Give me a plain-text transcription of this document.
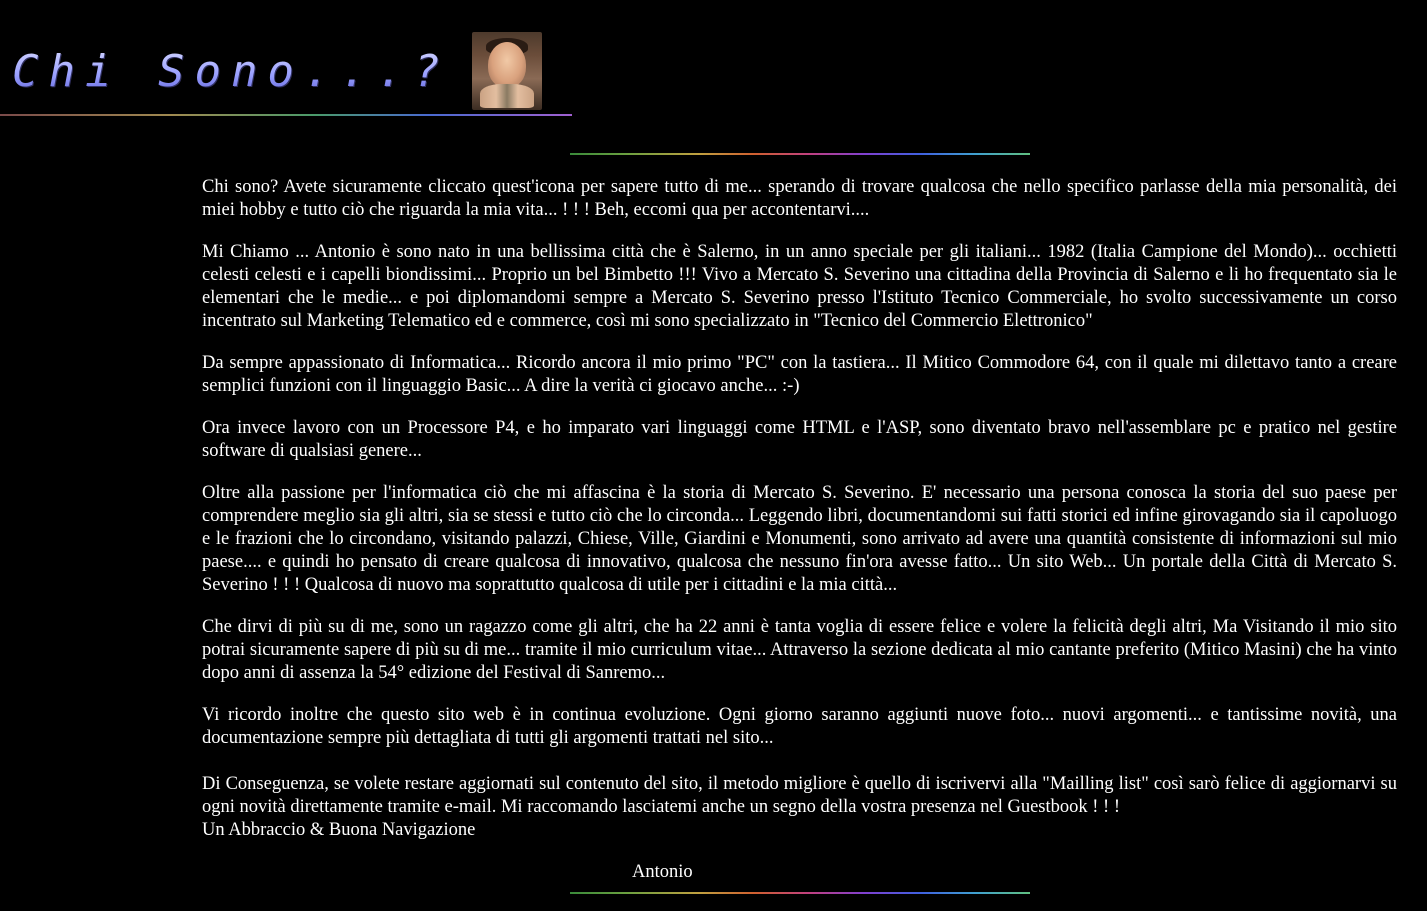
Chi Sono...?

Chi sono? Avete sicuramente cliccato quest'icona per sapere tutto di me... sperando di trovare qualcosa che nello specifico parlasse della mia personalità, dei miei hobby e tutto ciò che riguarda la mia vita... ! ! ! Beh, eccomi qua per accontentarvi....

Mi Chiamo ... Antonio è sono nato in una bellissima città che è Salerno, in un anno speciale per gli italiani... 1982 (Italia Campione del Mondo)... occhietti celesti celesti e i capelli biondissimi... Proprio un bel Bimbetto !!! Vivo a Mercato S. Severino una cittadina della Provincia di Salerno e li ho frequentato sia le elementari che le medie... e poi diplomandomi sempre a Mercato S. Severino presso l'Istituto Tecnico Commerciale, ho svolto successivamente un corso incentrato sul Marketing Telematico ed e commerce, così mi sono specializzato in "Tecnico del Commercio Elettronico"

Da sempre appassionato di Informatica... Ricordo ancora il mio primo "PC" con la tastiera... Il Mitico Commodore 64, con il quale mi dilettavo tanto a creare semplici funzioni con il linguaggio Basic... A dire la verità ci giocavo anche... :-)

Ora invece lavoro con un Processore P4, e ho imparato vari linguaggi come HTML e l'ASP, sono diventato bravo nell'assemblare pc e pratico nel gestire software di qualsiasi genere...

Oltre alla passione per l'informatica ciò che mi affascina è la storia di Mercato S. Severino. E' necessario una persona conosca la storia del suo paese per comprendere meglio sia gli altri, sia se stessi e tutto ciò che lo circonda... Leggendo libri, documentandomi sui fatti storici ed infine girovagando sia il capoluogo e le frazioni che lo circondano, visitando palazzi, Chiese, Ville, Giardini e Monumenti, sono arrivato ad avere una quantità consistente di informazioni sul mio paese.... e quindi ho pensato di creare qualcosa di innovativo, qualcosa che nessuno fin'ora avesse fatto... Un sito Web... Un portale della Città di Mercato S. Severino ! ! ! Qualcosa di nuovo ma soprattutto qualcosa di utile per i cittadini e la mia città...

Che dirvi di più su di me, sono un ragazzo come gli altri, che ha 22 anni è tanta voglia di essere felice e volere la felicità degli altri, Ma Visitando il mio sito potrai sicuramente sapere di più su di me... tramite il mio curriculum vitae... Attraverso la sezione dedicata al mio cantante preferito (Mitico Masini) che ha vinto dopo anni di assenza la 54° edizione del Festival di Sanremo...

Vi ricordo inoltre che questo sito web è in continua evoluzione. Ogni giorno saranno aggiunti nuove foto... nuovi argomenti... e tantissime novità, una documentazione sempre più dettagliata di tutti gli argomenti trattati nel sito...

Di Conseguenza, se volete restare aggiornati sul contenuto del sito, il metodo migliore è quello di iscrivervi alla "Mailling list" così sarò felice di aggiornarvi su ogni novità direttamente tramite e-mail. Mi raccomando lasciatemi anche un segno della vostra presenza nel Guestbook ! ! !

Un Abbraccio & Buona Navigazione

Antonio
